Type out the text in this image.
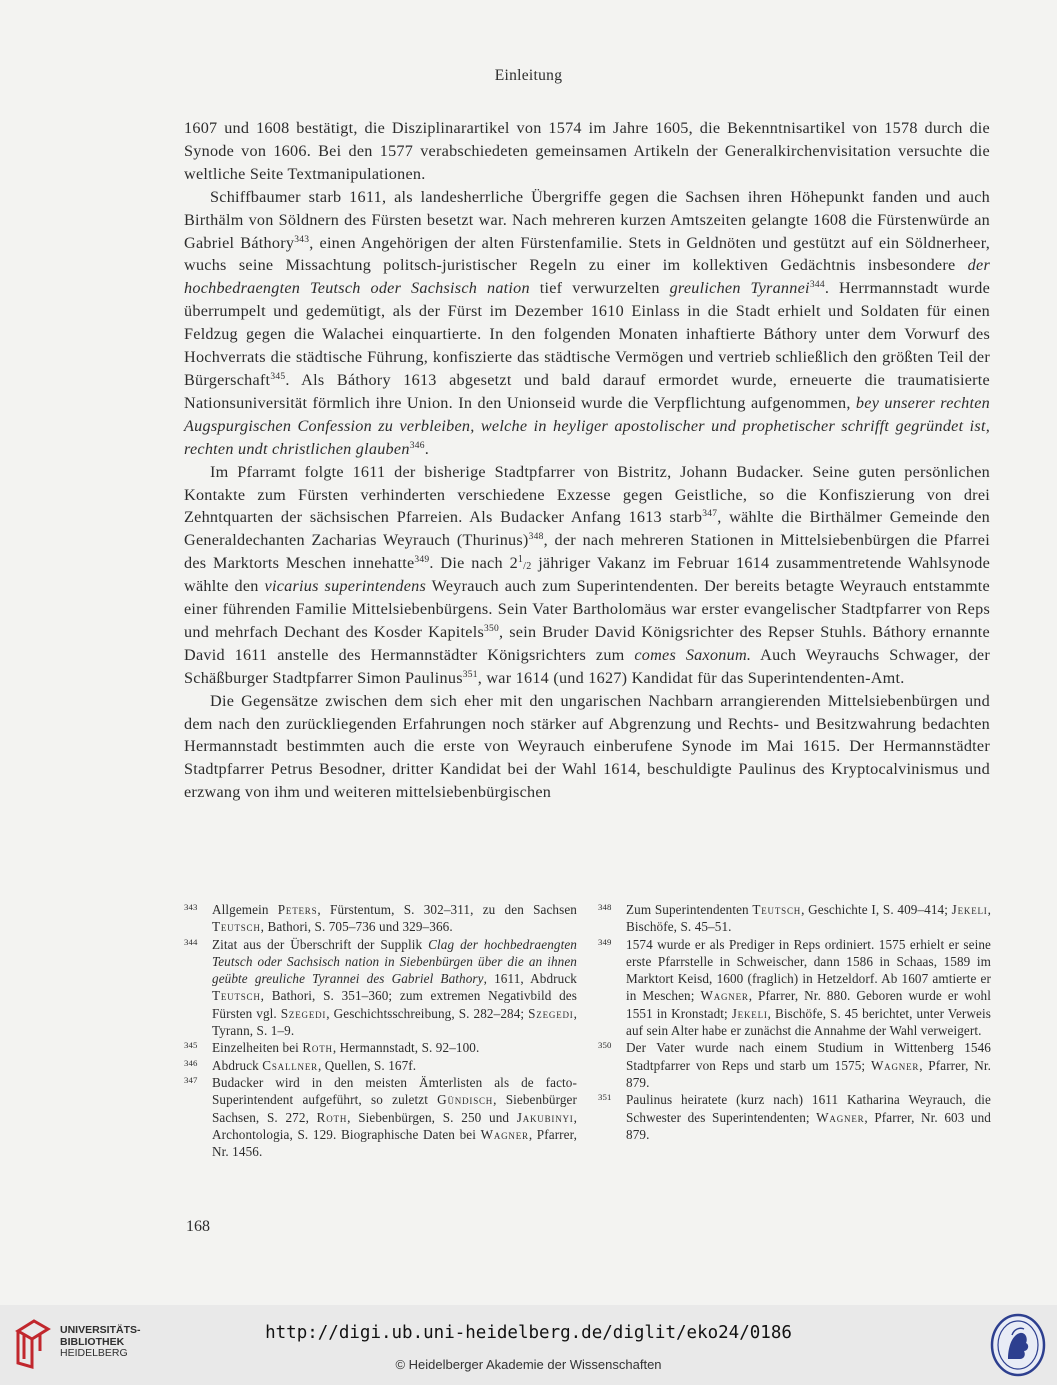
Einleitung

1607 und 1608 bestätigt, die Disziplinarartikel von 1574 im Jahre 1605, die Bekenntnisartikel von 1578 durch die Synode von 1606. Bei den 1577 verabschiedeten gemeinsamen Artikeln der Generalkirchenvisitation versuchte die weltliche Seite Textmanipulationen.

Schiffbaumer starb 1611, als landesherrliche Übergriffe gegen die Sachsen ihren Höhepunkt fanden und auch Birthälm von Söldnern des Fürsten besetzt war. Nach mehreren kurzen Amtszeiten gelangte 1608 die Fürstenwürde an Gabriel Báthory$^{343}$, einen Angehörigen der alten Fürstenfamilie. Stets in Geldnöten und gestützt auf ein Söldnerheer, wuchs seine Missachtung politsch-juristischer Regeln zu einer im kollektiven Gedächtnis insbesondere der hochbedraengten Teutsch oder Sachsisch nation tief verwurzelten greulichen Tyrannei$^{344}$. Herrmannstadt wurde überrumpelt und gedemütigt, als der Fürst im Dezember 1610 Einlass in die Stadt erhielt und Soldaten für einen Feldzug gegen die Walachei einquartierte. In den folgenden Monaten inhaftierte Báthory unter dem Vorwurf des Hochverrats die städtische Führung, konfiszierte das städtische Vermögen und vertrieb schließlich den größten Teil der Bürgerschaft$^{345}$. Als Báthory 1613 abgesetzt und bald darauf ermordet wurde, erneuerte die traumatisierte Nationsuniversität förmlich ihre Union. In den Unionseid wurde die Verpflichtung aufgenommen, bey unserer rechten Augspurgischen Confession zu verbleiben, welche in heyliger apostolischer und prophetischer schrifft gegründet ist, rechten undt christlichen glauben$^{346}$.

Im Pfarramt folgte 1611 der bisherige Stadtpfarrer von Bistritz, Johann Budacker. Seine guten persönlichen Kontakte zum Fürsten verhinderten verschiedene Exzesse gegen Geistliche, so die Konfiszierung von drei Zehntquarten der sächsischen Pfarreien. Als Budacker Anfang 1613 starb$^{347}$, wählte die Birthälmer Gemeinde den Generaldechanten Zacharias Weyrauch (Thurinus)$^{348}$, der nach mehreren Stationen in Mittelsiebenbürgen die Pfarrei des Marktorts Meschen innehatte$^{349}$. Die nach $2^1/2$ jähriger Vakanz im Februar 1614 zusammentretende Wahlsynode wählte den vicarius superintendens Weyrauch auch zum Superintendenten. Der bereits betagte Weyrauch entstammte einer führenden Familie Mittelsiebenbürgens. Sein Vater Bartholomäus war erster evangelischer Stadtpfarrer von Reps und mehrfach Dechant des Kosder Kapitels$^{350}$, sein Bruder David Königsrichter des Repser Stuhls. Báthory ernannte David 1611 anstelle des Hermannstädter Königsrichters zum comes Saxonum. Auch Weyrauchs Schwager, der Schäßburger Stadtpfarrer Simon Paulinus$^{351}$, war 1614 (und 1627) Kandidat für das Superintendenten-Amt.

Die Gegensätze zwischen dem sich eher mit den ungarischen Nachbarn arrangierenden Mittelsiebenbürgen und dem nach den zurückliegenden Erfahrungen noch stärker auf Abgrenzung und Rechts- und Besitzwahrung bedachten Hermannstadt bestimmten auch die erste von Weyrauch einberufene Synode im Mai 1615. Der Hermannstädter Stadtpfarrer Petrus Besodner, dritter Kandidat bei der Wahl 1614, beschuldigte Paulinus des Kryptocalvinismus und erzwang von ihm und weiteren mittelsiebenbürgischen

343 Allgemein Peters, Fürstentum, S. 302–311, zu den Sachsen Teutsch, Bathori, S. 705–736 und 329–366.
344 Zitat aus der Überschrift der Supplik Clag der hochbedraengten Teutsch oder Sachsisch nation in Siebenbürgen über die an ihnen geübte greuliche Tyrannei des Gabriel Bathory, 1611, Abdruck Teutsch, Bathori, S. 351–360; zum extremen Negativbild des Fürsten vgl. Szegedi, Geschichtsschreibung, S. 282–284; Szegedi, Tyrann, S. 1–9.
345 Einzelheiten bei Roth, Hermannstadt, S. 92–100.
346 Abdruck Csallner, Quellen, S. 167f.
347 Budacker wird in den meisten Ämterlisten als de facto-Superintendent aufgeführt, so zuletzt Gündisch, Siebenbürger Sachsen, S. 272, Roth, Siebenbürgen, S. 250 und Jakubinyi, Archontologia, S. 129. Biographische Daten bei Wagner, Pfarrer, Nr. 1456.
348 Zum Superintendenten Teutsch, Geschichte I, S. 409–414; Jekeli, Bischöfe, S. 45–51.
349 1574 wurde er als Prediger in Reps ordiniert. 1575 erhielt er seine erste Pfarrstelle in Schweischer, dann 1586 in Schaas, 1589 im Marktort Keisd, 1600 (fraglich) in Hetzeldorf. Ab 1607 amtierte er in Meschen; Wagner, Pfarrer, Nr. 880. Geboren wurde er wohl 1551 in Kronstadt; Jekeli, Bischöfe, S. 45 berichtet, unter Verweis auf sein Alter habe er zunächst die Annahme der Wahl verweigert.
350 Der Vater wurde nach einem Studium in Wittenberg 1546 Stadtpfarrer von Reps und starb um 1575; Wagner, Pfarrer, Nr. 879.
351 Paulinus heiratete (kurz nach) 1611 Katharina Weyrauch, die Schwester des Superintendenten; Wagner, Pfarrer, Nr. 603 und 879.
168
UNIVERSITÄTS-
BIBLIOTHEK
HEIDELBERG
http://digi.ub.uni-heidelberg.de/diglit/eko24/0186
© Heidelberger Akademie der Wissenschaften
